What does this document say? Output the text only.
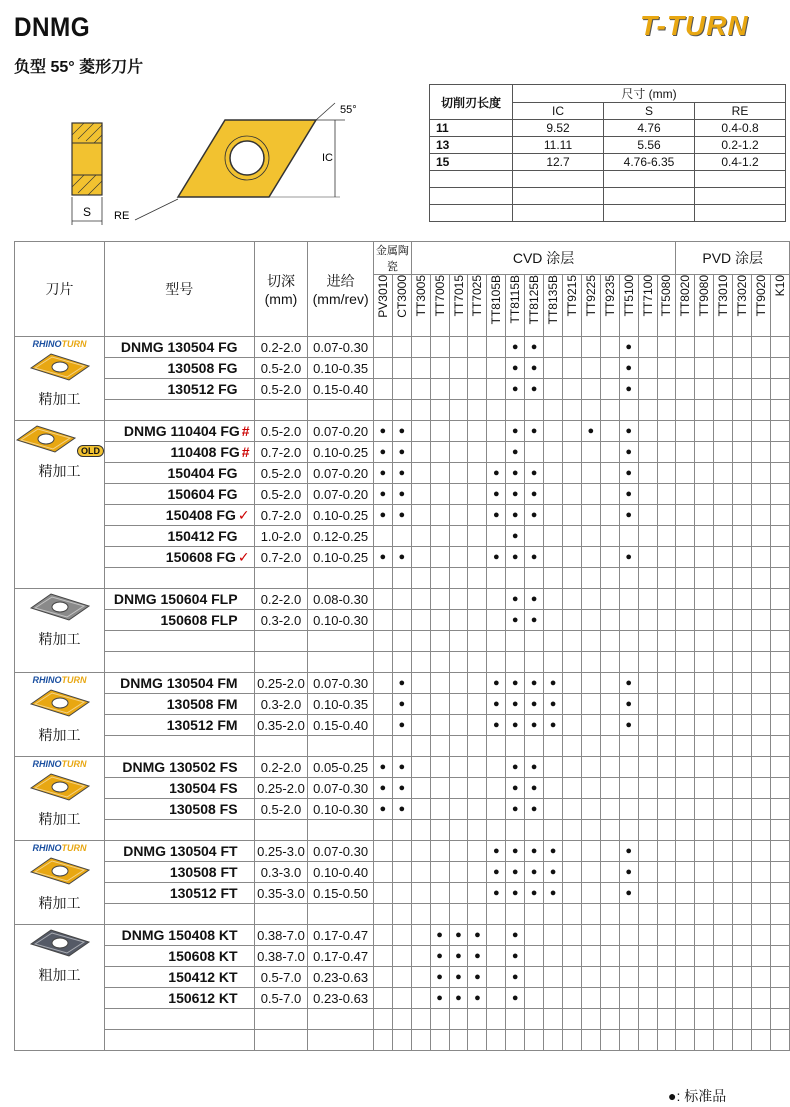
DNMG
负型 55° 菱形刀片
T-TURN
S
55°
IC
RE
切削刃长度	尺寸 (mm)		
	IC	S	RE
11	9.52	4.76	0.4-0.8
13	11.11	5.56	0.2-1.2
15	12.7	4.76-6.35	0.4-1.2

刀片	型号	切深
(mm)	进给
(mm/rev)	金属陶瓷		CVD 涂层														PVD 涂层					
				PV3010	CT3000	TT3005	TT7005	TT7015	TT7025	TT8105B	TT8115B	TT8125B	TT8135B	TT9215	TT9225	TT9235	TT5100	TT7100	TT5080	TT8020	TT9080	TT3010	TT3020	TT9020	K10

RHINOTURN
精加工	DNMG 130504 FG	0.2-2.0	0.07-0.30								●	●					●								
	130508 FG	0.5-2.0	0.10-0.35								●	●					●								
	130512 FG	0.5-2.0	0.15-0.40								●	●					●								

OLD
精加工	DNMG 110404 FG #	0.5-2.0	0.07-0.20	●	●						●	●			●		●								
	110408 FG #	0.7-2.0	0.10-0.25	●	●						●						●								
	150404 FG	0.5-2.0	0.07-0.20	●	●					●	●	●					●								
	150604 FG	0.5-2.0	0.07-0.20	●	●					●	●	●					●								
	150408 FG ✓	0.7-2.0	0.10-0.25	●	●					●	●	●					●								
	150412 FG	1.0-2.0	0.12-0.25								●														
	150608 FG ✓	0.7-2.0	0.10-0.25	●	●					●	●	●					●								

精加工	DNMG 150604 FLP	0.2-2.0	0.08-0.30								●	●													
	150608 FLP	0.3-2.0	0.10-0.30								●	●													

RHINOTURN
精加工	DNMG 130504 FM	0.25-2.0	0.07-0.30		●					●	●	●	●				●								
	130508 FM	0.3-2.0	0.10-0.35		●					●	●	●	●				●								
	130512 FM	0.35-2.0	0.15-0.40		●					●	●	●	●				●								

RHINOTURN
精加工	DNMG 130502 FS	0.2-2.0	0.05-0.25	●	●						●	●													
	130504 FS	0.25-2.0	0.07-0.30	●	●						●	●													
	130508 FS	0.5-2.0	0.10-0.30	●	●						●	●													

RHINOTURN
精加工	DNMG 130504 FT	0.25-3.0	0.07-0.30							●	●	●	●				●								
	130508 FT	0.3-3.0	0.10-0.40							●	●	●	●				●								
	130512 FT	0.35-3.0	0.15-0.50							●	●	●	●				●								

粗加工	DNMG 150408 KT	0.38-7.0	0.17-0.47				●	●	●		●														
	150608 KT	0.38-7.0	0.17-0.47				●	●	●		●														
	150412 KT	0.5-7.0	0.23-0.63				●	●	●		●														
	150612 KT	0.5-7.0	0.23-0.63				●	●	●		●														

●: 标准品
